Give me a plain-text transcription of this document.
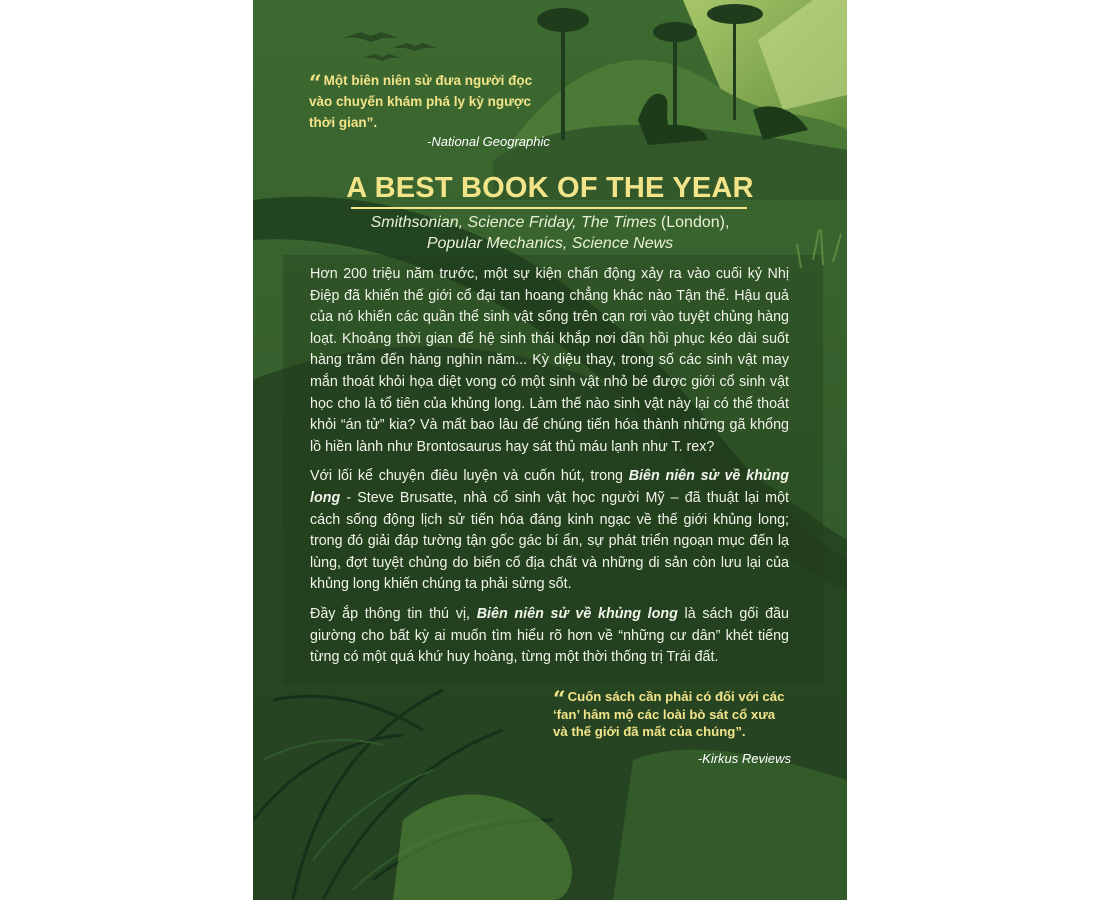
“ Một biên niên sử đưa người đọc vào chuyến khám phá ly kỳ ngược thời gian”.
-National Geographic
A BEST BOOK OF THE YEAR
Smithsonian, Science Friday, The Times (London),
Popular Mechanics, Science News

Hơn 200 triệu năm trước, một sự kiện chấn động xảy ra vào cuối kỷ Nhị Điệp đã khiến thế giới cổ đại tan hoang chẳng khác nào Tận thế. Hậu quả của nó khiến các quần thể sinh vật sống trên cạn rơi vào tuyệt chủng hàng loạt. Khoảng thời gian để hệ sinh thái khắp nơi dần hồi phục kéo dài suốt hàng trăm đến hàng nghìn năm... Kỳ diệu thay, trong số các sinh vật may mắn thoát khỏi họa diệt vong có một sinh vật nhỏ bé được giới cổ sinh vật học cho là tổ tiên của khủng long. Làm thế nào sinh vật này lại có thể thoát khỏi “án tử” kia? Và mất bao lâu để chúng tiến hóa thành những gã khổng lồ hiền lành như Brontosaurus hay sát thủ máu lạnh như T. rex?

Với lối kể chuyện điêu luyện và cuốn hút, trong Biên niên sử về khủng long - Steve Brusatte, nhà cổ sinh vật học người Mỹ – đã thuật lại một cách sống động lịch sử tiến hóa đáng kinh ngạc về thế giới khủng long; trong đó giải đáp tường tận gốc gác bí ẩn, sự phát triển ngoạn mục đến lạ lùng, đợt tuyệt chủng do biến cố địa chất và những di sản còn lưu lại của khủng long khiến chúng ta phải sửng sốt.

Đầy ắp thông tin thú vị, Biên niên sử về khủng long là sách gối đầu giường cho bất kỳ ai muốn tìm hiểu rõ hơn về “những cư dân” khét tiếng từng có một quá khứ huy hoàng, từng một thời thống trị Trái đất.

“ Cuốn sách cần phải có đối với các ‘fan’ hâm mộ các loài bò sát cổ xưa và thế giới đã mất của chúng”.
-Kirkus Reviews
